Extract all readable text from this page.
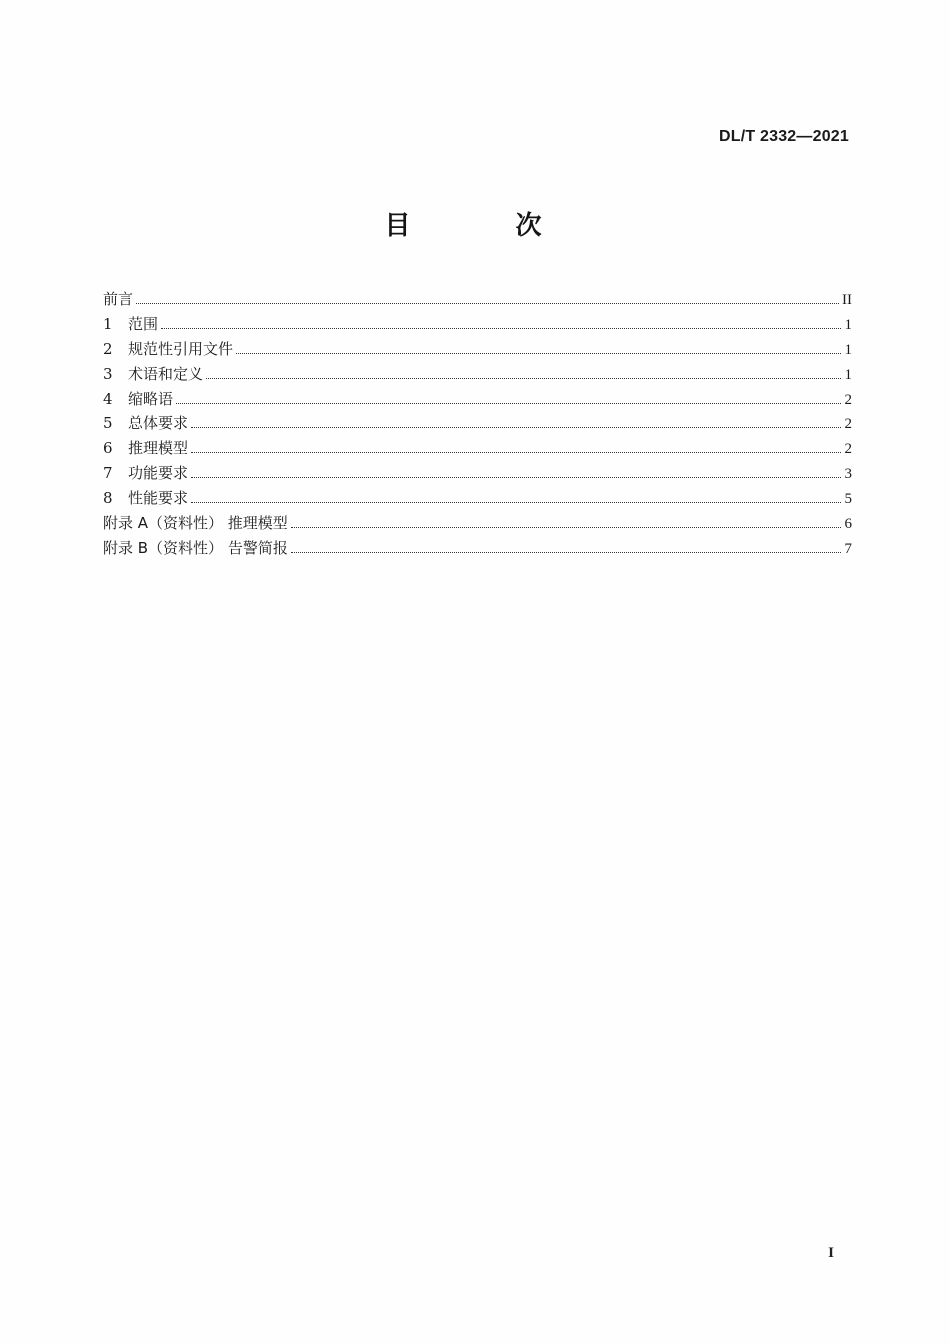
DL/T 2332—2021
目 次
前言	II
1	范围	1
2	规范性引用文件	1
3	术语和定义	1
4	缩略语	2
5	总体要求	2
6	推理模型	2
7	功能要求	3
8	性能要求	5
附录 A（资料性） 推理模型	6
附录 B（资料性） 告警简报	7
I
